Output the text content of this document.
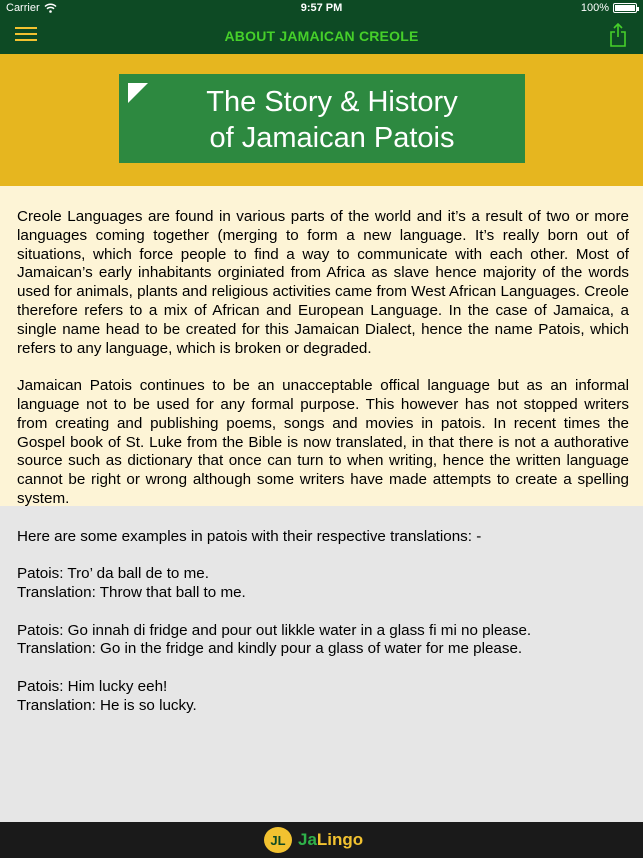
Carrier	9:57 PM	100%
ABOUT JAMAICAN CREOLE
The Story & History
of Jamaican Patois

Creole Languages are found in various parts of the world and it’s a result of two or more languages coming together (merging to form a new language. It’s really born out of situations, which force people to find a way to communicate with each other. Most of Jamaican’s early inhabitants orginiated from Africa as slave hence majority of the words used for animals, plants and religious activities came from West African Languages. Creole therefore refers to a mix of African and European Language. In the case of Jamaica, a single name head to be created for this Jamaican Dialect, hence the name Patois, which refers to any language, which is broken or degraded.

Jamaican Patois continues to be an unacceptable offical language but as an informal language not to be used for any formal purpose. This however has not stopped writers from creating and publishing poems, songs and movies in patois. In recent times the Gospel book of St. Luke from the Bible is now translated, in that there is not a authorative source such as dictionary that once can turn to when writing, hence the written language cannot be right or wrong although some writers have made attempts to create a spelling system.

Here are some examples in patois with their respective translations: -

Patois: Tro’ da ball de to me.
Translation: Throw that ball to me.
Patois: Go innah di fridge and pour out likkle water in a glass fi mi no please.
Translation: Go in the fridge and kindly pour a glass of water for me please.
Patois: Him lucky eeh!
Translation: He is so lucky.
JL JaLingo
